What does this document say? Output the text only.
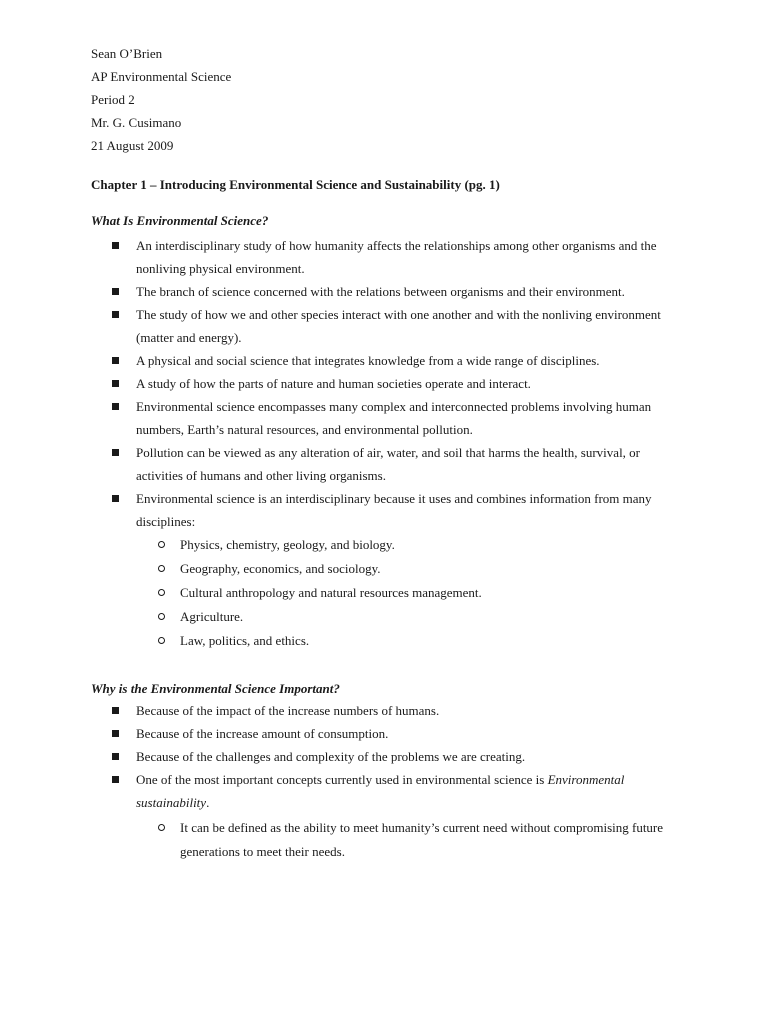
Sean O’Brien
AP Environmental Science
Period 2
Mr. G. Cusimano
21 August 2009
Chapter 1 – Introducing Environmental Science and Sustainability (pg. 1)
What Is Environmental Science?
An interdisciplinary study of how humanity affects the relationships among other organisms and the nonliving physical environment.
The branch of science concerned with the relations between organisms and their environment.
The study of how we and other species interact with one another and with the nonliving environment (matter and energy).
A physical and social science that integrates knowledge from a wide range of disciplines.
A study of how the parts of nature and human societies operate and interact.
Environmental science encompasses many complex and interconnected problems involving human numbers, Earth’s natural resources, and environmental pollution.
Pollution can be viewed as any alteration of air, water, and soil that harms the health, survival, or activities of humans and other living organisms.
Environmental science is an interdisciplinary because it uses and combines information from many disciplines:
Physics, chemistry, geology, and biology.
Geography, economics, and sociology.
Cultural anthropology and natural resources management.
Agriculture.
Law, politics, and ethics.
Why is the Environmental Science Important?
Because of the impact of the increase numbers of humans.
Because of the increase amount of consumption.
Because of the challenges and complexity of the problems we are creating.
One of the most important concepts currently used in environmental science is Environmental sustainability.
It can be defined as the ability to meet humanity’s current need without compromising future generations to meet their needs.
